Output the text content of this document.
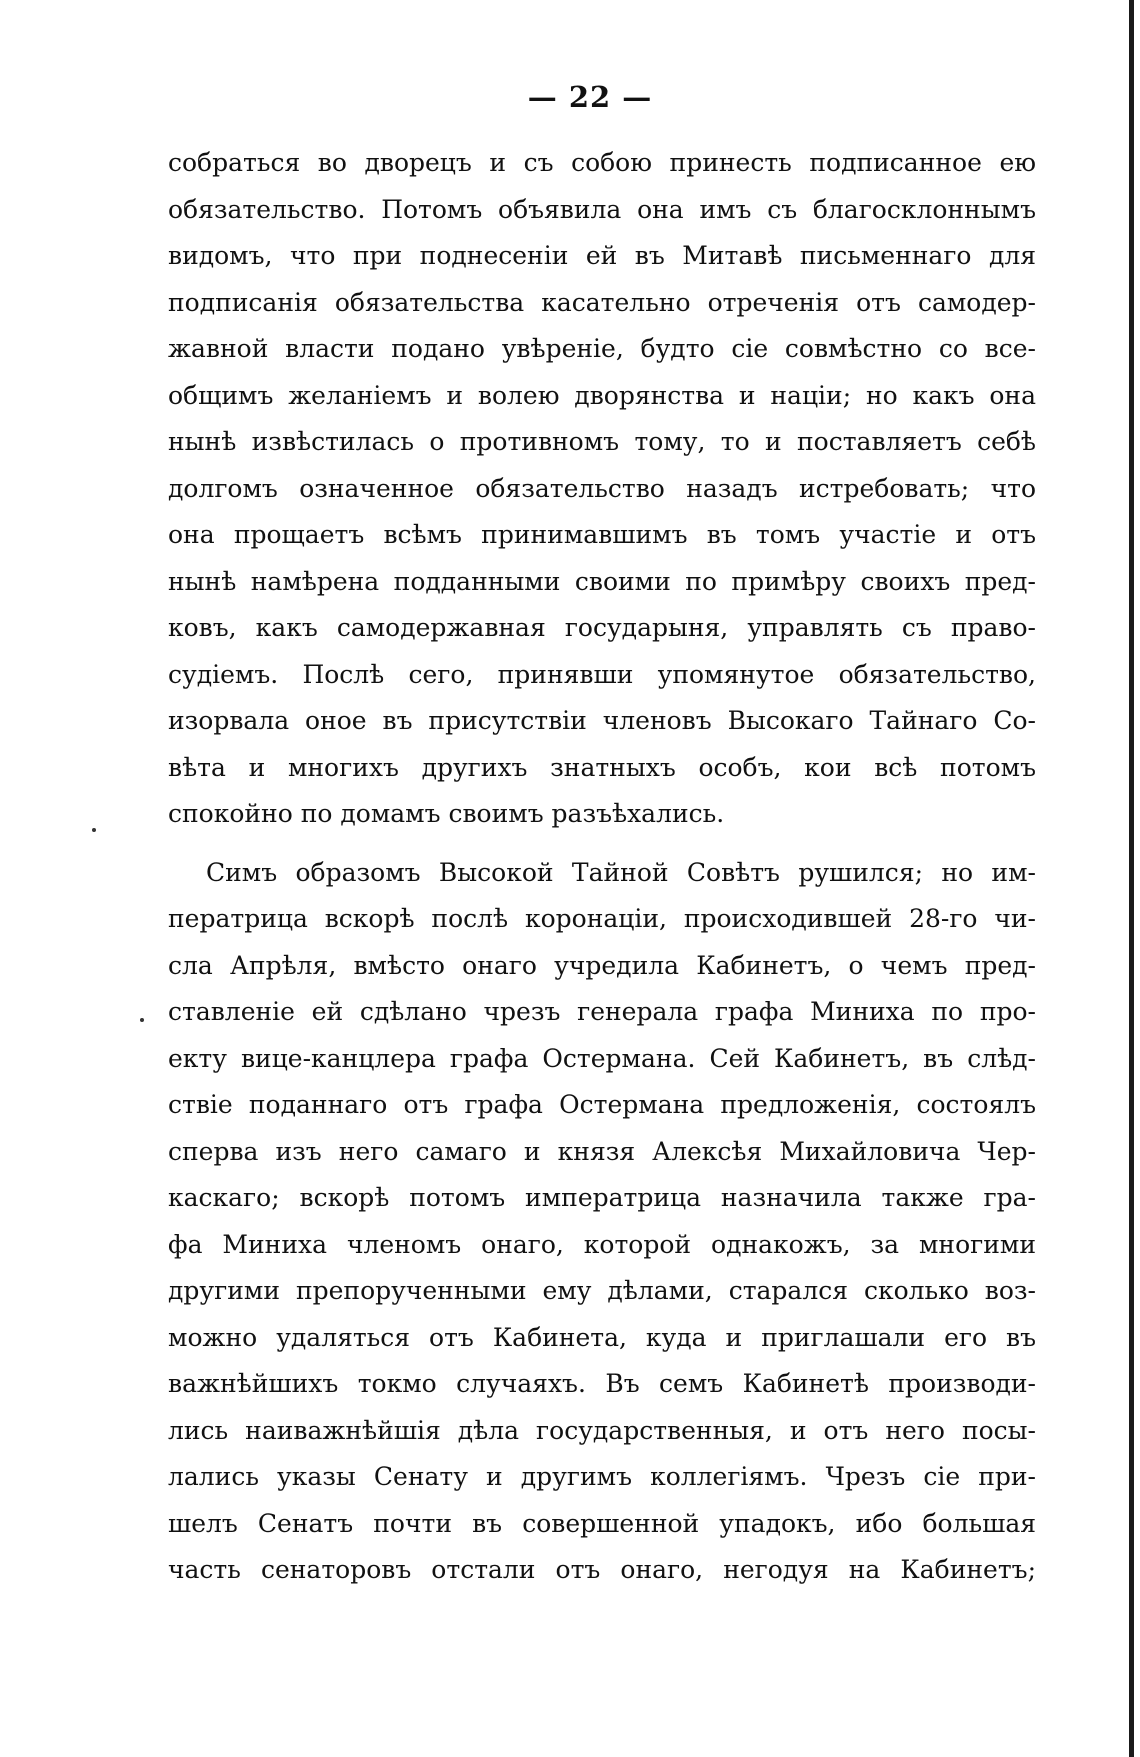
— 22 —
собраться во дворецъ и съ собою принесть подписанное ею
обязательство. Потомъ объявила она имъ съ благосклоннымъ
видомъ, что при поднесеніи ей въ Митавѣ письменнаго для
подписанія обязательства касательно отреченія отъ самодер-
жавной власти подано увѣреніе, будто сіе совмѣстно со все-
общимъ желаніемъ и волею дворянства и націи; но какъ она
нынѣ извѣстилась о противномъ тому, то и поставляетъ себѣ
долгомъ означенное обязательство назадъ истребовать; что
она прощаетъ всѣмъ принимавшимъ въ томъ участіе и отъ
нынѣ намѣрена подданными своими по примѣру своихъ пред-
ковъ, какъ самодержавная государыня, управлять съ право-
судіемъ. Послѣ сего, принявши упомянутое обязательство,
изорвала оное въ присутствіи членовъ Высокаго Тайнаго Со-
вѣта и многихъ другихъ знатныхъ особъ, кои всѣ потомъ
спокойно по домамъ своимъ разъѣхались.
Симъ образомъ Высокой Тайной Совѣтъ рушился; но им-
ператрица вскорѣ послѣ коронаціи, происходившей 28-го чи-
сла Апрѣля, вмѣсто онаго учредила Кабинетъ, о чемъ пред-
ставленіе ей сдѣлано чрезъ генерала графа Миниха по про-
екту вице-канцлера графа Остермана. Сей Кабинетъ, въ слѣд-
ствіе поданнаго отъ графа Остермана предложенія, состоялъ
сперва изъ него самаго и князя Алексѣя Михайловича Чер-
каскаго; вскорѣ потомъ императрица назначила также гра-
фа Миниха членомъ онаго, которой однакожъ, за многими
другими препорученными ему дѣлами, старался сколько воз-
можно удаляться отъ Кабинета, куда и приглашали его въ
важнѣйшихъ токмо случаяхъ. Въ семъ Кабинетѣ производи-
лись наиважнѣйшія дѣла государственныя, и отъ него посы-
лались указы Сенату и другимъ коллегіямъ. Чрезъ сіе при-
шелъ Сенатъ почти въ совершенной упадокъ, ибо большая
часть сенаторовъ отстали отъ онаго, негодуя на Кабинетъ;
